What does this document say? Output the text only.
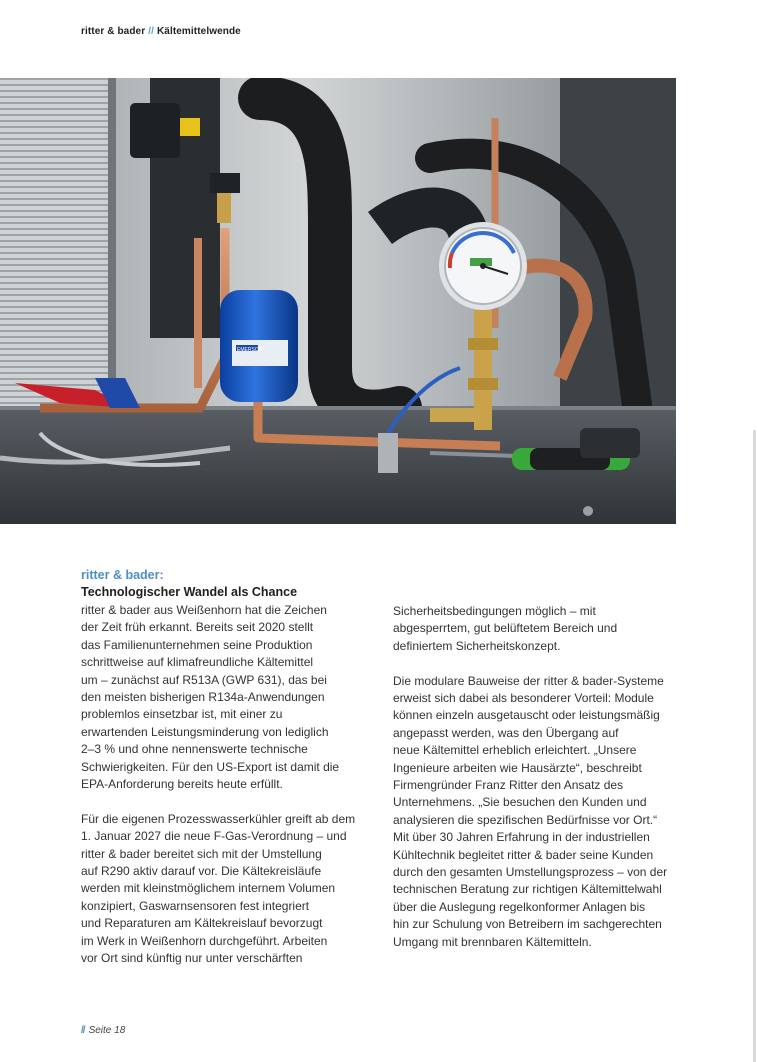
ritter & bader // Kältemittelwende
EMERSON
ritter & bader:
Technologischer Wandel als Chance

ritter & bader aus Weißenhorn hat die Zeichen
der Zeit früh erkannt. Bereits seit 2020 stellt
das Familienunternehmen seine Produktion
schrittweise auf klimafreundliche Kältemittel
um – zunächst auf R513A (GWP 631), das bei
den meisten bisherigen R134a-Anwendungen
problemlos einsetzbar ist, mit einer zu
erwartenden Leistungsminderung von lediglich
2–3 % und ohne nennenswerte technische
Schwierigkeiten. Für den US-Export ist damit die
EPA-Anforderung bereits heute erfüllt.

Für die eigenen Prozesswasserkühler greift ab dem
1. Januar 2027 die neue F-Gas-Verordnung – und
ritter & bader bereitet sich mit der Umstellung
auf R290 aktiv darauf vor. Die Kältekreisläufe
werden mit kleinstmöglichem internem Volumen
konzipiert, Gaswarnsensoren fest integriert
und Reparaturen am Kältekreislauf bevorzugt
im Werk in Weißenhorn durchgeführt. Arbeiten
vor Ort sind künftig nur unter verschärften

Sicherheitsbedingungen möglich – mit
abgesperrtem, gut belüftetem Bereich und
definiertem Sicherheitskonzept.

Die modulare Bauweise der ritter & bader-Systeme
erweist sich dabei als besonderer Vorteil: Module
können einzeln ausgetauscht oder leistungsmäßig
angepasst werden, was den Übergang auf
neue Kältemittel erheblich erleichtert. „Unsere
Ingenieure arbeiten wie Hausärzte“, beschreibt
Firmengründer Franz Ritter den Ansatz des
Unternehmens. „Sie besuchen den Kunden und
analysieren die spezifischen Bedürfnisse vor Ort.“
Mit über 30 Jahren Erfahrung in der industriellen
Kühltechnik begleitet ritter & bader seine Kunden
durch den gesamten Umstellungsprozess – von der
technischen Beratung zur richtigen Kältemittelwahl
über die Auslegung regelkonformer Anlagen bis
hin zur Schulung von Betreibern im sachgerechten
Umgang mit brennbaren Kältemitteln.

// Seite 18
